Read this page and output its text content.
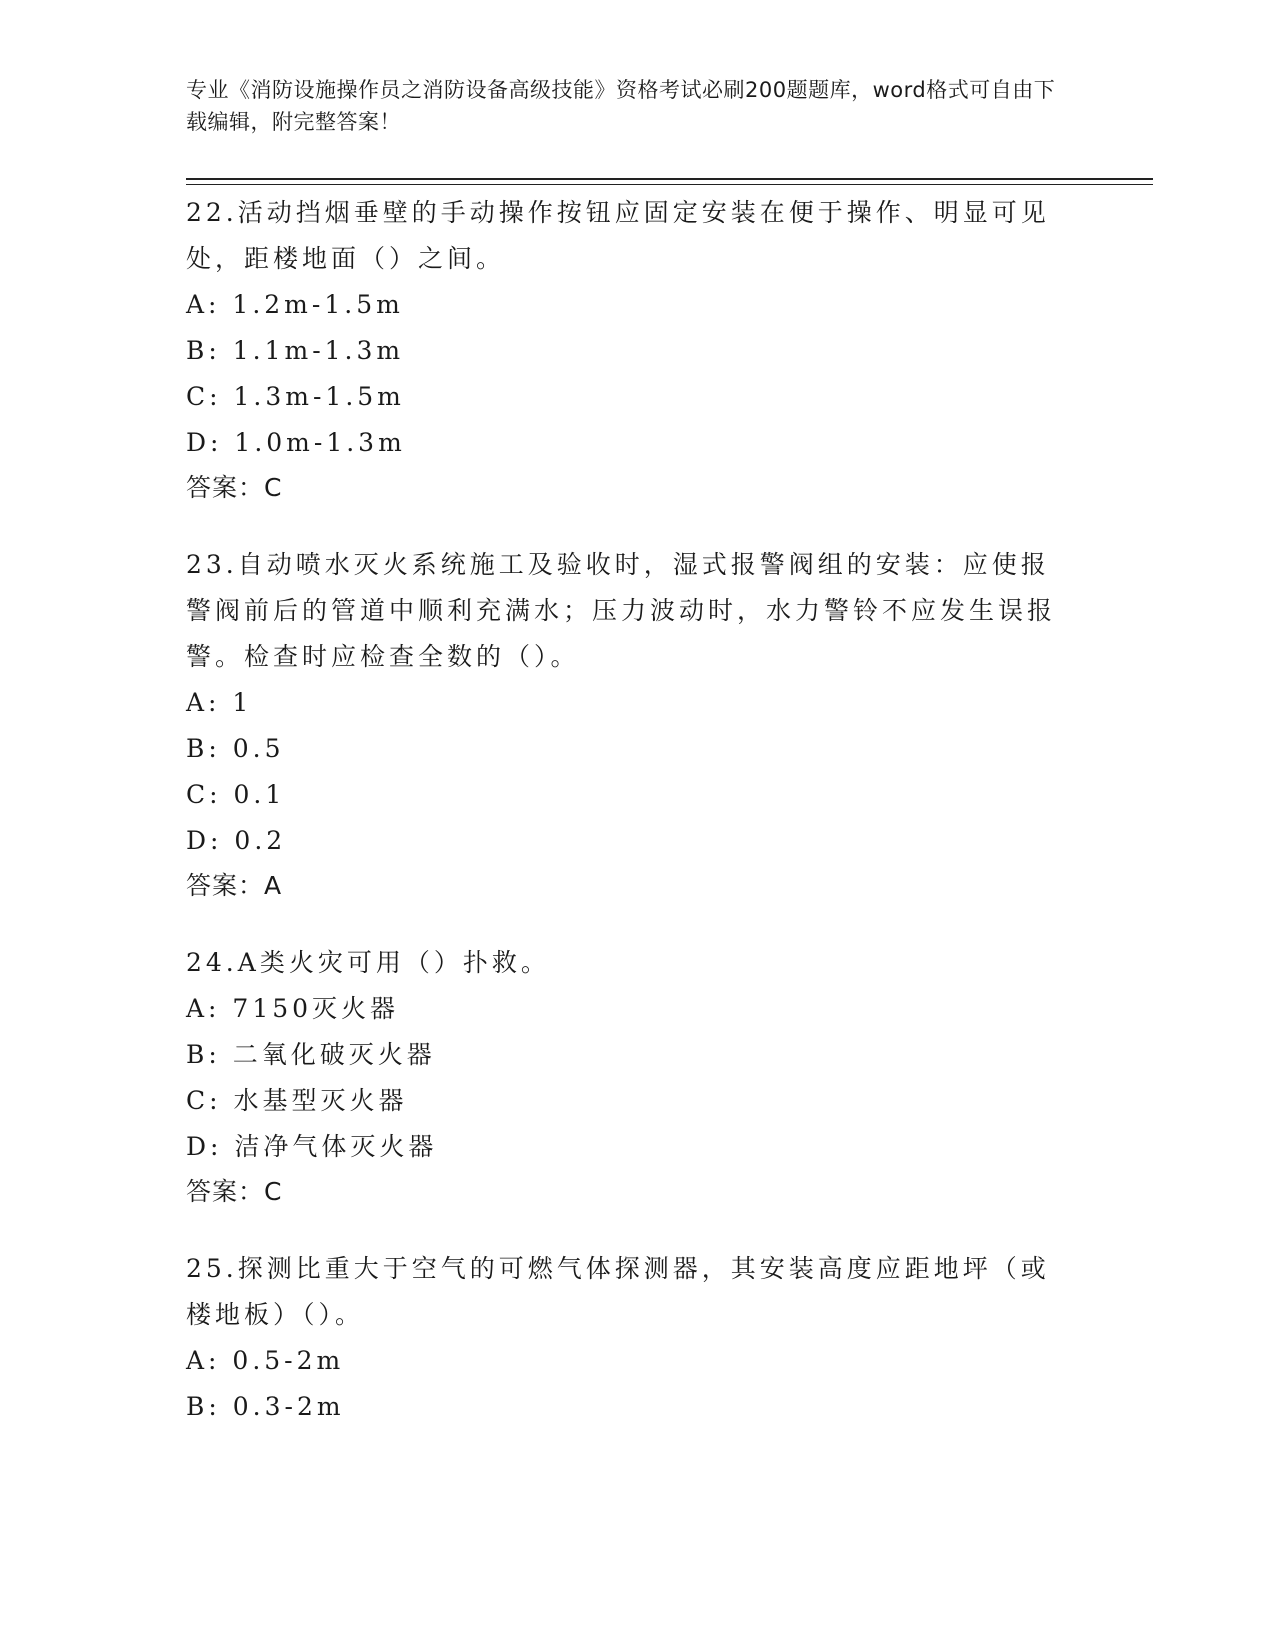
专业《消防设施操作员之消防设备高级技能》资格考试必刷200题题库，word格式可自由下载编辑，附完整答案！

22.活动挡烟垂壁的手动操作按钮应固定安装在便于操作、明显可见处，距楼地面（）之间。

A: 1.2m-1.5m

B: 1.1m-1.3m

C: 1.3m-1.5m

D: 1.0m-1.3m

答案：C

23.自动喷水灭火系统施工及验收时，湿式报警阀组的安装：应使报警阀前后的管道中顺利充满水；压力波动时，水力警铃不应发生误报警。检查时应检查全数的（）。

A: 1

B: 0.5

C: 0.1

D: 0.2

答案：A

24.A类火灾可用（）扑救。

A: 7150灭火器

B: 二氧化破灭火器

C: 水基型灭火器

D: 洁净气体灭火器

答案：C

25.探测比重大于空气的可燃气体探测器，其安装高度应距地坪（或楼地板）（）。

A: 0.5-2m

B: 0.3-2m
